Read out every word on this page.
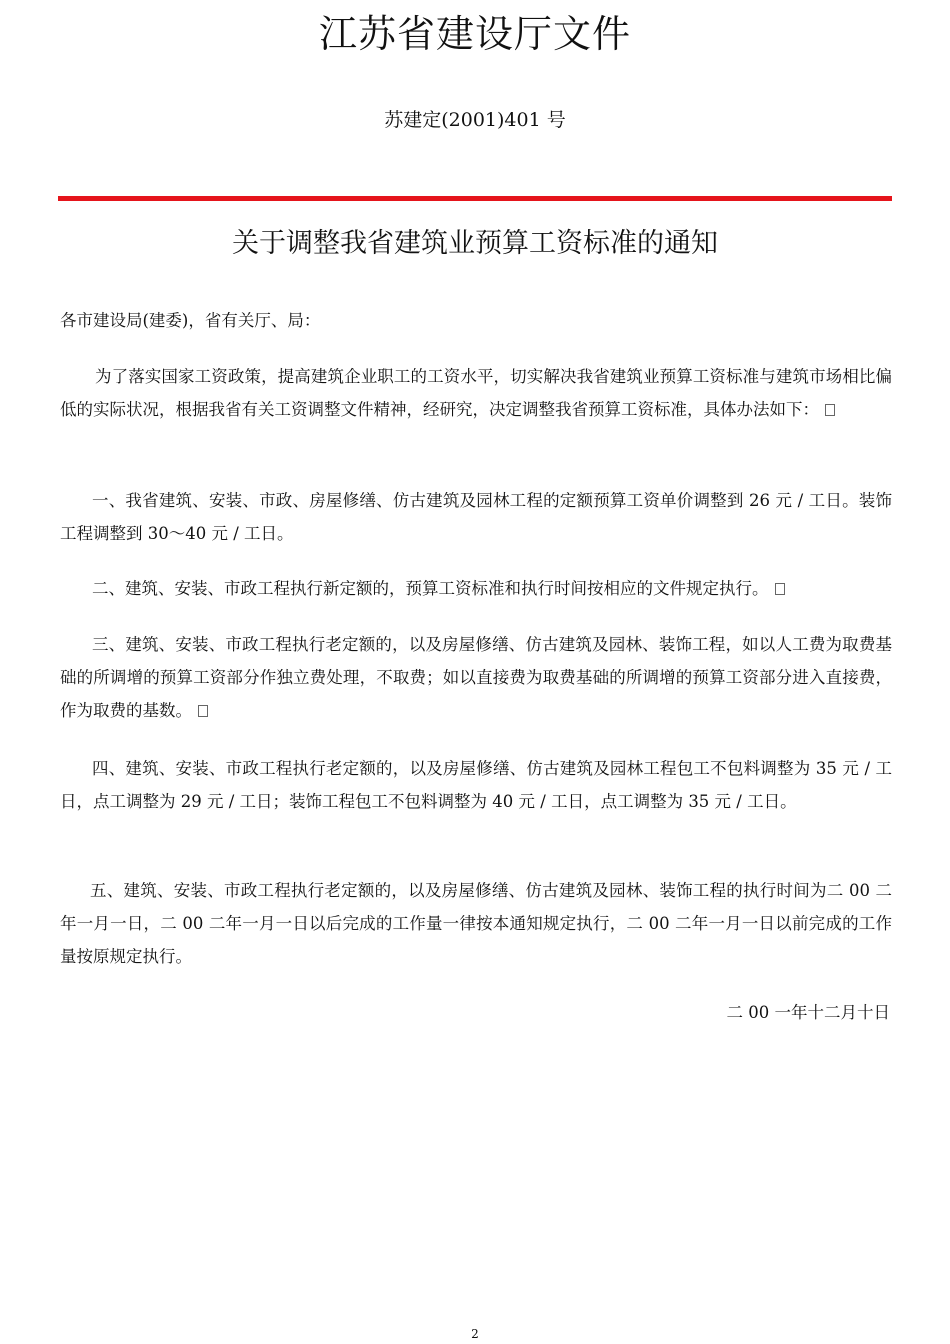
江苏省建设厅文件
苏建定(2001)401 号
关于调整我省建筑业预算工资标准的通知
各市建设局(建委)，省有关厅、局：
为了落实国家工资政策，提高建筑企业职工的工资水平，切实解决我省建筑业预算工资标准与建筑市场相比偏低的实际状况，根据我省有关工资调整文件精神，经研究，决定调整我省预算工资标准，具体办法如下：
一、我省建筑、安装、市政、房屋修缮、仿古建筑及园林工程的定额预算工资单价调整到 26 元 / 工日。装饰工程调整到 30～40 元 / 工日。
二、建筑、安装、市政工程执行新定额的，预算工资标准和执行时间按相应的文件规定执行。
三、建筑、安装、市政工程执行老定额的，以及房屋修缮、仿古建筑及园林、装饰工程，如以人工费为取费基础的所调增的预算工资部分作独立费处理，不取费；如以直接费为取费基础的所调增的预算工资部分进入直接费，作为取费的基数。
四、建筑、安装、市政工程执行老定额的，以及房屋修缮、仿古建筑及园林工程包工不包料调整为 35 元 / 工日，点工调整为 29 元 / 工日；装饰工程包工不包料调整为 40 元 / 工日，点工调整为 35 元 / 工日。
五、建筑、安装、市政工程执行老定额的，以及房屋修缮、仿古建筑及园林、装饰工程的执行时间为二 00 二年一月一日，二 00 二年一月一日以后完成的工作量一律按本通知规定执行，二 00 二年一月一日以前完成的工作量按原规定执行。
二 00 一年十二月十日
2
